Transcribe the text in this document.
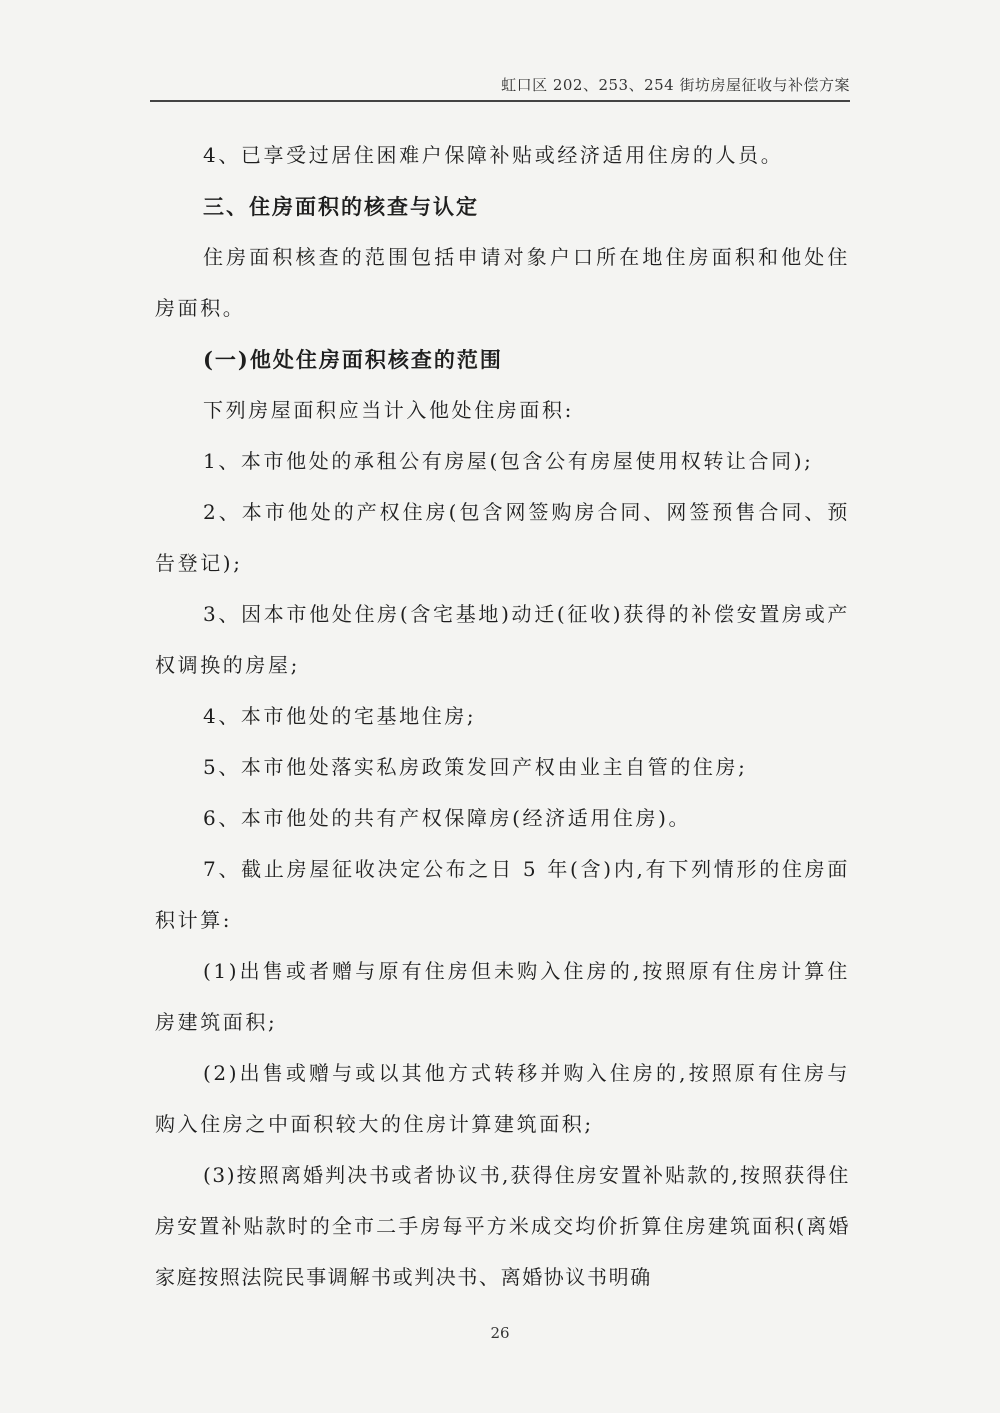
虹口区 202、253、254 街坊房屋征收与补偿方案

4、已享受过居住困难户保障补贴或经济适用住房的人员。

三、住房面积的核查与认定

住房面积核查的范围包括申请对象户口所在地住房面积和他处住房面积。

(一)他处住房面积核查的范围

下列房屋面积应当计入他处住房面积:

1、本市他处的承租公有房屋(包含公有房屋使用权转让合同);

2、本市他处的产权住房(包含网签购房合同、网签预售合同、预告登记);

3、因本市他处住房(含宅基地)动迁(征收)获得的补偿安置房或产权调换的房屋;

4、本市他处的宅基地住房;

5、本市他处落实私房政策发回产权由业主自管的住房;

6、本市他处的共有产权保障房(经济适用住房)。

7、截止房屋征收决定公布之日 5 年(含)内,有下列情形的住房面积计算:

(1)出售或者赠与原有住房但未购入住房的,按照原有住房计算住房建筑面积;

(2)出售或赠与或以其他方式转移并购入住房的,按照原有住房与购入住房之中面积较大的住房计算建筑面积;

(3)按照离婚判决书或者协议书,获得住房安置补贴款的,按照获得住房安置补贴款时的全市二手房每平方米成交均价折算住房建筑面积(离婚家庭按照法院民事调解书或判决书、离婚协议书明确

26
